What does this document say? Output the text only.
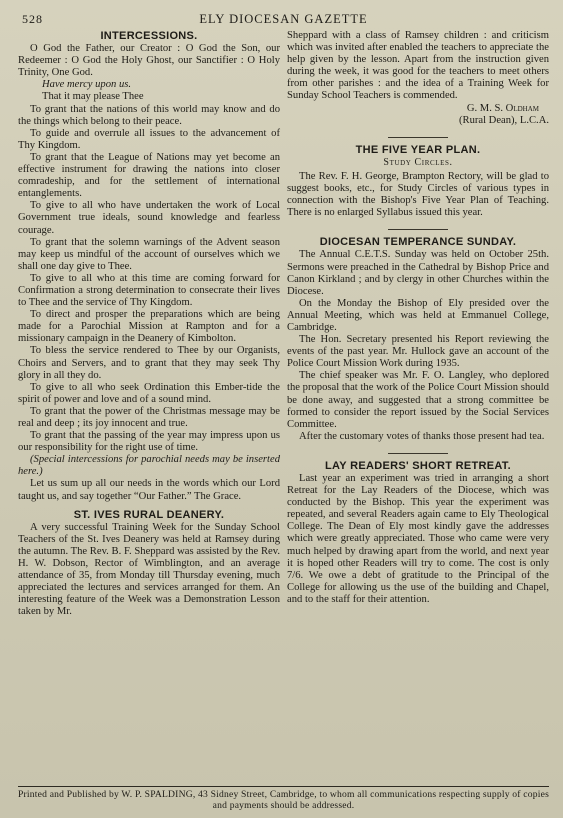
528	ELY DIOCESAN GAZETTE
INTERCESSIONS.

O God the Father, our Creator : O God the Son, our Redeemer : O God the Holy Ghost, our Sanctifier : O Holy Trinity, One God.

Have mercy upon us.

That it may please Thee

To grant that the nations of this world may know and do the things which belong to their peace.

To guide and overrule all issues to the advancement of Thy Kingdom.

To grant that the League of Nations may yet become an effective instrument for drawing the nations into closer comradeship, and for the settlement of international entanglements.

To give to all who have undertaken the work of Local Government true ideals, sound knowledge and fearless courage.

To grant that the solemn warnings of the Advent season may keep us mindful of the account of ourselves which we shall one day give to Thee.

To give to all who at this time are coming forward for Confirmation a strong determination to consecrate their lives to Thee and the service of Thy Kingdom.

To direct and prosper the preparations which are being made for a Parochial Mission at Rampton and for a missionary campaign in the Deanery of Kimbolton.

To bless the service rendered to Thee by our Organists, Choirs and Servers, and to grant that they may seek Thy glory in all they do.

To give to all who seek Ordination this Ember-tide the spirit of power and love and of a sound mind.

To grant that the power of the Christmas message may be real and deep ; its joy innocent and true.

To grant that the passing of the year may impress upon us our responsibility for the right use of time.

(Special intercessions for parochial needs may be inserted here.)

Let us sum up all our needs in the words which our Lord taught us, and say together “Our Father.” The Grace.

ST. IVES RURAL DEANERY.

A very successful Training Week for the Sunday School Teachers of the St. Ives Deanery was held at Ramsey during the autumn. The Rev. B. F. Sheppard was assisted by the Rev. H. W. Dobson, Rector of Wimblington, and an average attendance of 35, from Monday till Thursday evening, much appreciated the lectures and services arranged for them. An interesting feature of the Week was a Demonstration Lesson taken by Mr.

Sheppard with a class of Ramsey children : and criticism which was invited after enabled the teachers to appreciate the help given by the lesson. Apart from the instruction given during the week, it was good for the teachers to meet others from other parishes : and the idea of a Training Week for Sunday School Teachers is commended.

G. M. S. Oldham

(Rural Dean), L.C.A.

THE FIVE YEAR PLAN.
Study Circles.

The Rev. F. H. George, Brampton Rectory, will be glad to suggest books, etc., for Study Circles of various types in connection with the Bishop's Five Year Plan of Teaching. There is no enlarged Syllabus issued this year.

DIOCESAN TEMPERANCE SUNDAY.

The Annual C.E.T.S. Sunday was held on October 25th. Sermons were preached in the Cathedral by Bishop Price and Canon Kirkland ; and by clergy in other Churches within the Diocese.

On the Monday the Bishop of Ely presided over the Annual Meeting, which was held at Emmanuel College, Cambridge.

The Hon. Secretary presented his Report reviewing the events of the past year. Mr. Hullock gave an account of the Police Court Mission Work during 1935.

The chief speaker was Mr. F. O. Langley, who deplored the proposal that the work of the Police Court Mission should be done away, and suggested that a strong committee be formed to consider the report issued by the Social Services Committee.

After the customary votes of thanks those present had tea.

LAY READERS' SHORT RETREAT.

Last year an experiment was tried in arranging a short Retreat for the Lay Readers of the Diocese, which was conducted by the Bishop. This year the experiment was repeated, and several Readers again came to Ely Theological College. The Dean of Ely most kindly gave the addresses which were greatly appreciated. Those who came were very much helped by drawing apart from the world, and next year it is hoped other Readers will try to come. The cost is only 7/6. We owe a debt of gratitude to the Principal of the College for allowing us the use of the building and Chapel, and to the staff for their attention.

Printed and Published by W. P. SPALDING, 43 Sidney Street, Cambridge, to whom all communications respecting supply of copies and payments should be addressed.
